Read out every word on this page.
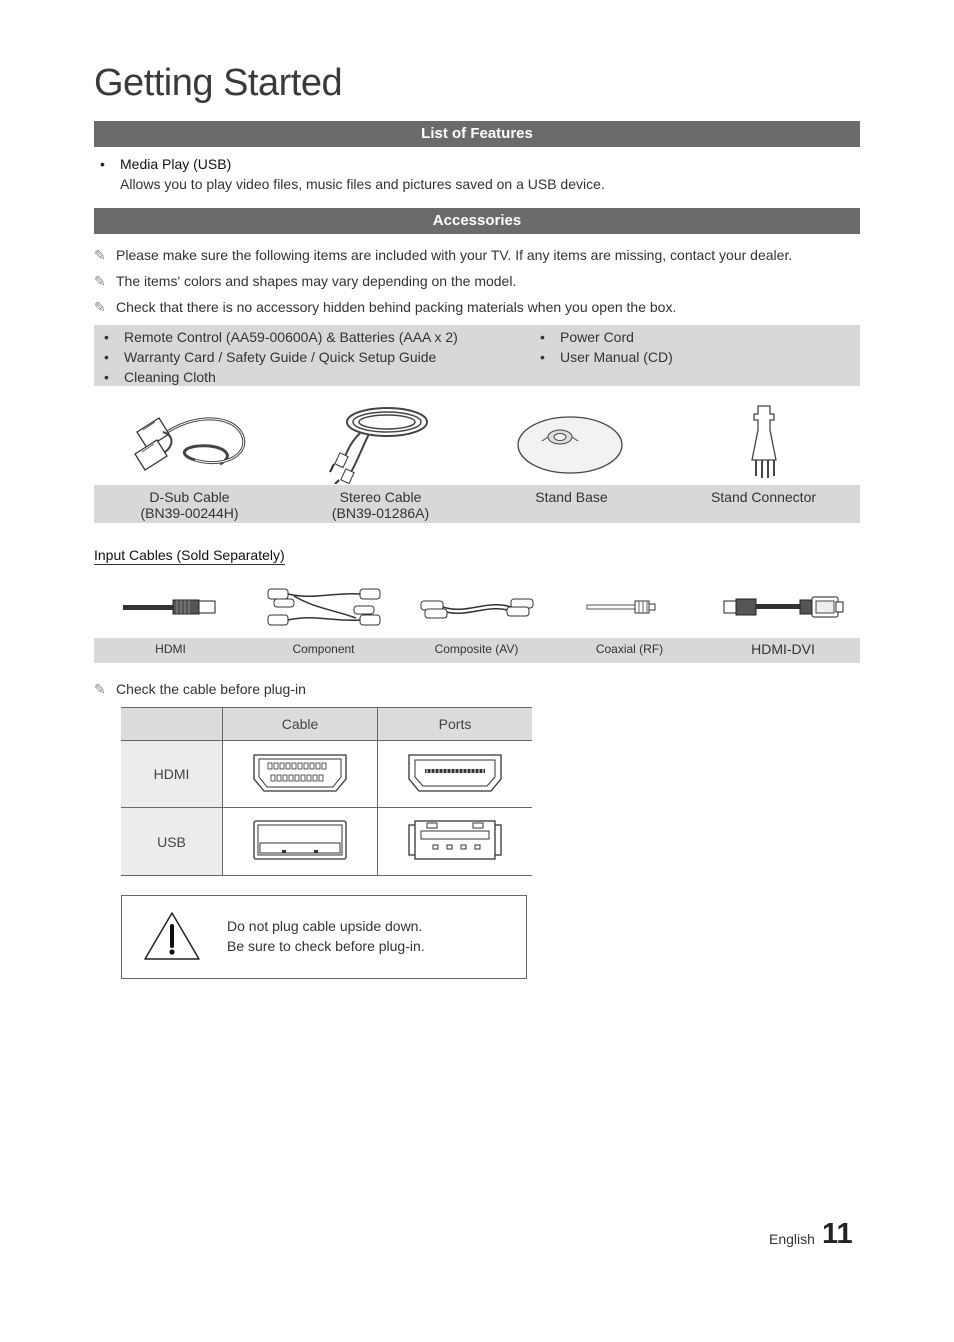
Getting Started
List of Features
• Media Play (USB)
Allows you to play video files, music files and pictures saved on a USB device.
Accessories
✎ Please make sure the following items are included with your TV. If any items are missing, contact your dealer.
✎ The items' colors and shapes may vary depending on the model.
✎ Check that there is no accessory hidden behind packing materials when you open the box.
• Remote Control (AA59-00600A) & Batteries (AAA x 2)
• Warranty Card / Safety Guide / Quick Setup Guide
• Cleaning Cloth
• Power Cord
• User Manual (CD)
D-Sub Cable
(BN39-00244H)
Stereo Cable
(BN39-01286A)
Stand Base	Stand Connector
Input Cables (Sold Separately)
HDMI	Component	Composite (AV)	Coaxial (RF)	HDMI-DVI
✎ Check the cable before plug-in
	Cable	Ports
HDMI		
USB		
Do not plug cable upside down.
Be sure to check before plug-in.
English 11
